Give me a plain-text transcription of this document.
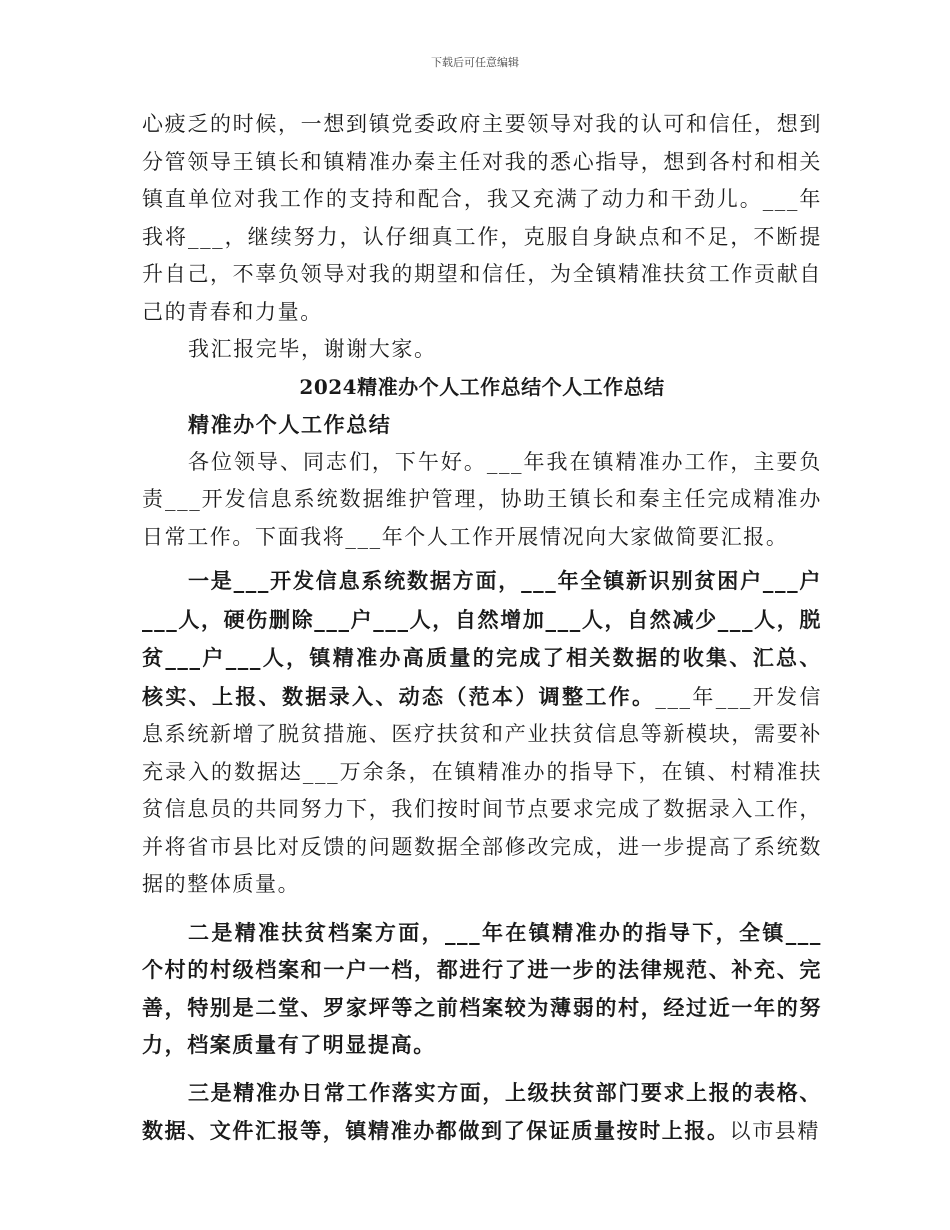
下载后可任意编辑

心疲乏的时候，一想到镇党委政府主要领导对我的认可和信任，想到分管领导王镇长和镇精准办秦主任对我的悉心指导，想到各村和相关镇直单位对我工作的支持和配合，我又充满了动力和干劲儿。___年我将___，继续努力，认仔细真工作，克服自身缺点和不足，不断提升自己，不辜负领导对我的期望和信任，为全镇精准扶贫工作贡献自己的青春和力量。

我汇报完毕，谢谢大家。

2024精准办个人工作总结个人工作总结

精准办个人工作总结

各位领导、同志们，下午好。___年我在镇精准办工作，主要负责___开发信息系统数据维护管理，协助王镇长和秦主任完成精准办日常工作。下面我将___年个人工作开展情况向大家做简要汇报。

一是___开发信息系统数据方面，___年全镇新识别贫困户___户___人，硬伤删除___户___人，自然增加___人，自然减少___人，脱贫___户___人，镇精准办高质量的完成了相关数据的收集、汇总、核实、上报、数据录入、动态（范本）调整工作。___年___开发信息系统新增了脱贫措施、医疗扶贫和产业扶贫信息等新模块，需要补充录入的数据达___万余条，在镇精准办的指导下，在镇、村精准扶贫信息员的共同努力下，我们按时间节点要求完成了数据录入工作，并将省市县比对反馈的问题数据全部修改完成，进一步提高了系统数据的整体质量。

二是精准扶贫档案方面，___年在镇精准办的指导下，全镇___个村的村级档案和一户一档，都进行了进一步的法律规范、补充、完善，特别是二堂、罗家坪等之前档案较为薄弱的村，经过近一年的努力，档案质量有了明显提高。

三是精准办日常工作落实方面，上级扶贫部门要求上报的表格、数据、文件汇报等，镇精准办都做到了保证质量按时上报。以市县精
